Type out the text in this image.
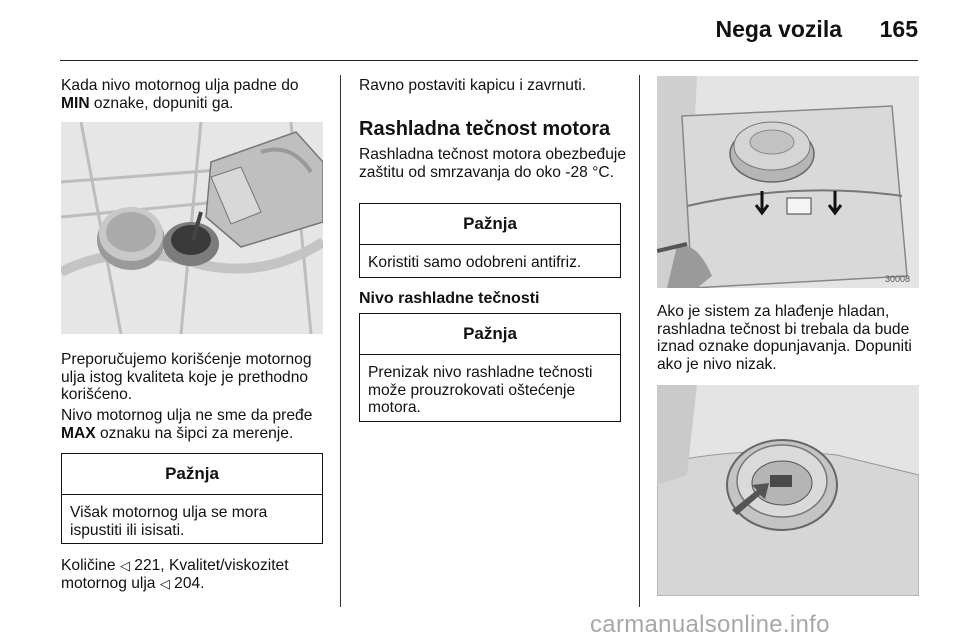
Nega vozila 165

Kada nivo motornog ulja padne do MIN oznake, dopuniti ga.

Preporučujemo korišćenje motornog ulja istog kvaliteta koje je prethodno korišćeno.

Nivo motornog ulja ne sme da pređe MAX oznaku na šipci za merenje.

Pažnja
Višak motornog ulja se mora ispustiti ili isisati.

Količine ◁ 221, Kvalitet/viskozitet motornog ulja ◁ 204.

Ravno postaviti kapicu i zavrnuti.

Rashladna tečnost motora

Rashladna tečnost motora obezbeđuje zaštitu od smrzavanja do oko -28 °C.

Pažnja
Koristiti samo odobreni antifriz.
Nivo rashladne tečnosti
Pažnja
Prenizak nivo rashladne tečnosti može prouzrokovati oštećenje motora.
30008

Ako je sistem za hlađenje hladan, rashladna tečnost bi trebala da bude iznad oznake dopunjavanja. Dopuniti ako je nivo nizak.

carmanualsonline.info
